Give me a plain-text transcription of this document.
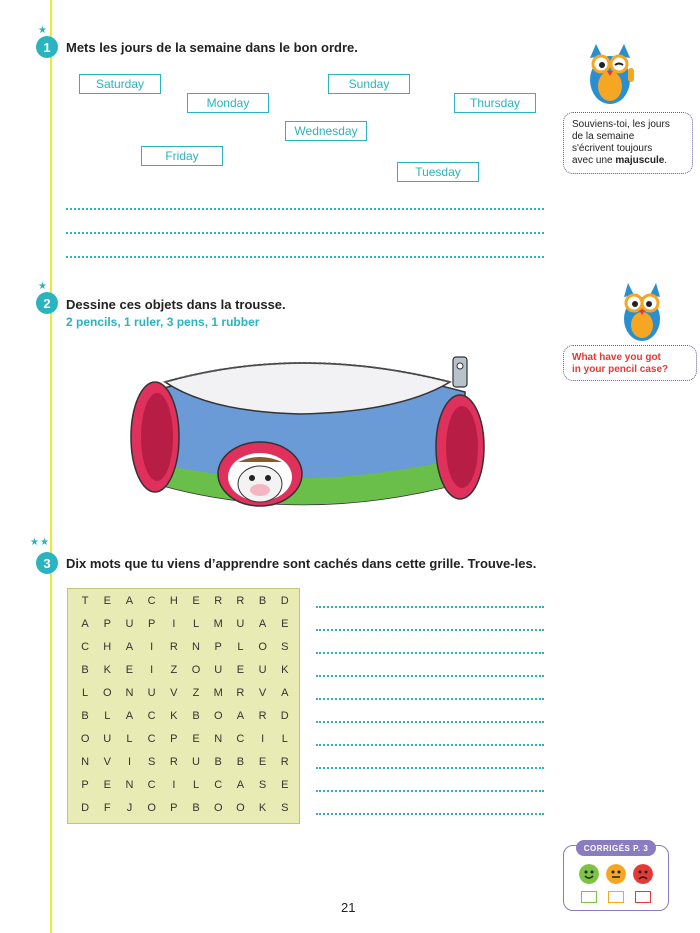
★
1	Mets les jours de la semaine dans le bon ordre.
Saturday
Monday
Sunday
Thursday
Wednesday
Friday
Tuesday
Souviens-toi, les jours
de la semaine
s'écrivent toujours
avec une majuscule.
★
2	Dessine ces objets dans la trousse.
2 pencils, 1 ruler, 3 pens, 1 rubber
What have you got
in your pencil case?
★ ★
3	Dix mots que tu viens d’apprendre sont cachés dans cette grille. Trouve-les.
T	E	A	C	H	E	R	R	B	D
A	P	U	P	I	L	M	U	A	E
C	H	A	I	R	N	P	L	O	S
B	K	E	I	Z	O	U	E	U	K
L	O	N	U	V	Z	M	R	V	A
B	L	A	C	K	B	O	A	R	D
O	U	L	C	P	E	N	C	I	L
N	V	I	S	R	U	B	B	E	R
P	E	N	C	I	L	C	A	S	E
D	F	J	O	P	B	O	O	K	S
21
CORRIGÉS P. 3
